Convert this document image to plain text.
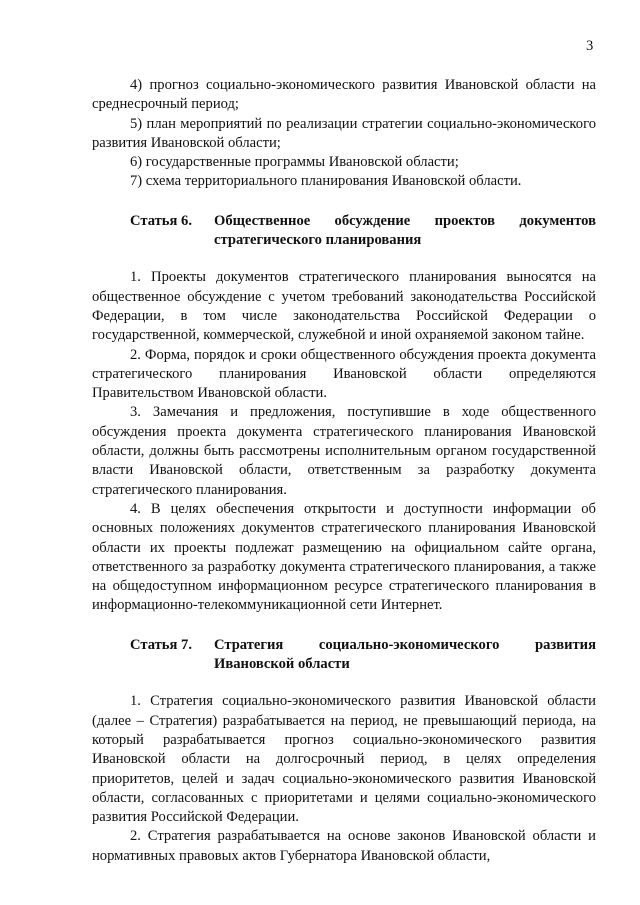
3

4) прогноз социально-экономического развития Ивановской области на среднесрочный период;

5) план мероприятий по реализации стратегии социально-экономического развития Ивановской области;

6) государственные программы Ивановской области;

7) схема территориального планирования Ивановской области.

Статья 6.	Общественное обсуждение проектов документов стратегического планирования

1. Проекты документов стратегического планирования выносятся на общественное обсуждение с учетом требований законодательства Российской Федерации, в том числе законодательства Российской Федерации о государственной, коммерческой, служебной и иной охраняемой законом тайне.

2. Форма, порядок и сроки общественного обсуждения проекта документа стратегического планирования Ивановской области определяются Правительством Ивановской области.

3. Замечания и предложения, поступившие в ходе общественного обсуждения проекта документа стратегического планирования Ивановской области, должны быть рассмотрены исполнительным органом государственной власти Ивановской области, ответственным за разработку документа стратегического планирования.

4. В целях обеспечения открытости и доступности информации об основных положениях документов стратегического планирования Ивановской области их проекты подлежат размещению на официальном сайте органа, ответственного за разработку документа стратегического планирования, а также на общедоступном информационном ресурсе стратегического планирования в информационно-телекоммуникационной сети Интернет.

Статья 7.	Стратегия социально-экономического развития Ивановской области

1. Стратегия социально-экономического развития Ивановской области (далее – Стратегия) разрабатывается на период, не превышающий периода, на который разрабатывается прогноз социально-экономического развития Ивановской области на долгосрочный период, в целях определения приоритетов, целей и задач социально-экономического развития Ивановской области, согласованных с приоритетами и целями социально-экономического развития Российской Федерации.

2. Стратегия разрабатывается на основе законов Ивановской области и нормативных правовых актов Губернатора Ивановской области,
